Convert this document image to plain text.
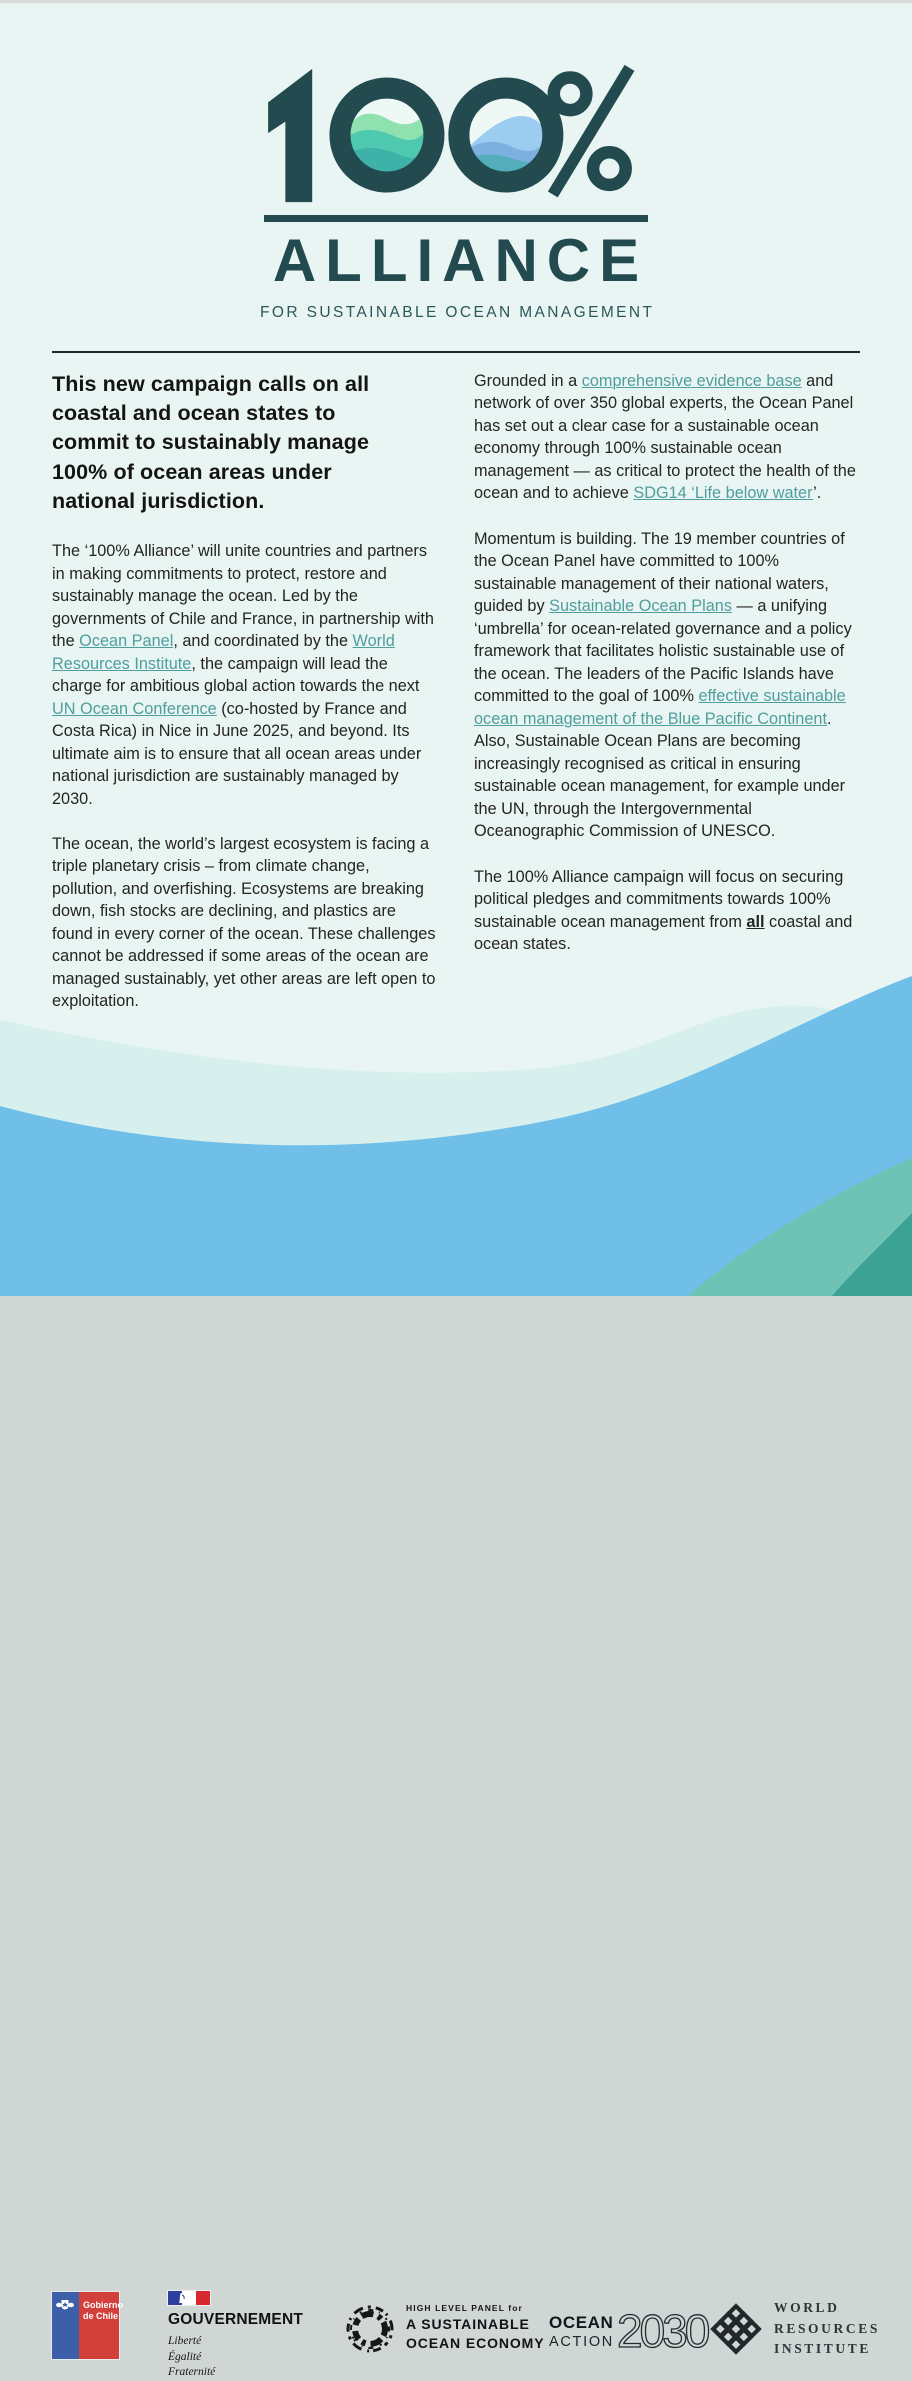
ALLIANCE
FOR SUSTAINABLE OCEAN MANAGEMENT
This new campaign calls on all coastal and ocean states to commit to sustainably manage 100% of ocean areas under national jurisdiction.

The ‘100% Alliance’ will unite countries and partners in making commitments to protect, restore and sustainably manage the ocean. Led by the governments of Chile and France, in partnership with the Ocean Panel, and coordinated by the World Resources Institute, the campaign will lead the charge for ambitious global action towards the next UN Ocean Conference (co-hosted by France and Costa Rica) in Nice in June 2025, and beyond. Its ultimate aim is to ensure that all ocean areas under national jurisdiction are sustainably managed by 2030.

The ocean, the world’s largest ecosystem is facing a triple planetary crisis – from climate change, pollution, and overfishing. Ecosystems are breaking down, fish stocks are declining, and plastics are found in every corner of the ocean. These challenges cannot be addressed if some areas of the ocean are managed sustainably, yet other areas are left open to exploitation.

Grounded in a comprehensive evidence base and network of over 350 global experts, the Ocean Panel has set out a clear case for a sustainable ocean economy through 100% sustainable ocean management — as critical to protect the health of the ocean and to achieve SDG14 ‘Life below water’.

Momentum is building. The 19 member countries of the Ocean Panel have committed to 100% sustainable management of their national waters, guided by Sustainable Ocean Plans — a unifying ‘umbrella’ for ocean-related governance and a policy framework that facilitates holistic sustainable use of the ocean. The leaders of the Pacific Islands have committed to the goal of 100% effective sustainable ocean management of the Blue Pacific Continent. Also, Sustainable Ocean Plans are becoming increasingly recognised as critical in ensuring sustainable ocean management, for example under the UN, through the Intergovernmental Oceanographic Commission of UNESCO.

The 100% Alliance campaign will focus on securing political pledges and commitments towards 100% sustainable ocean management from all coastal and ocean states.

Gobierno
de Chile	GOUVERNEMENT
Liberté
Égalité
Fraternité
HIGH LEVEL PANEL for
A SUSTAINABLE
OCEAN ECONOMY
OCEAN
ACTION 2030	WORLD
RESOURCES
INSTITUTE
